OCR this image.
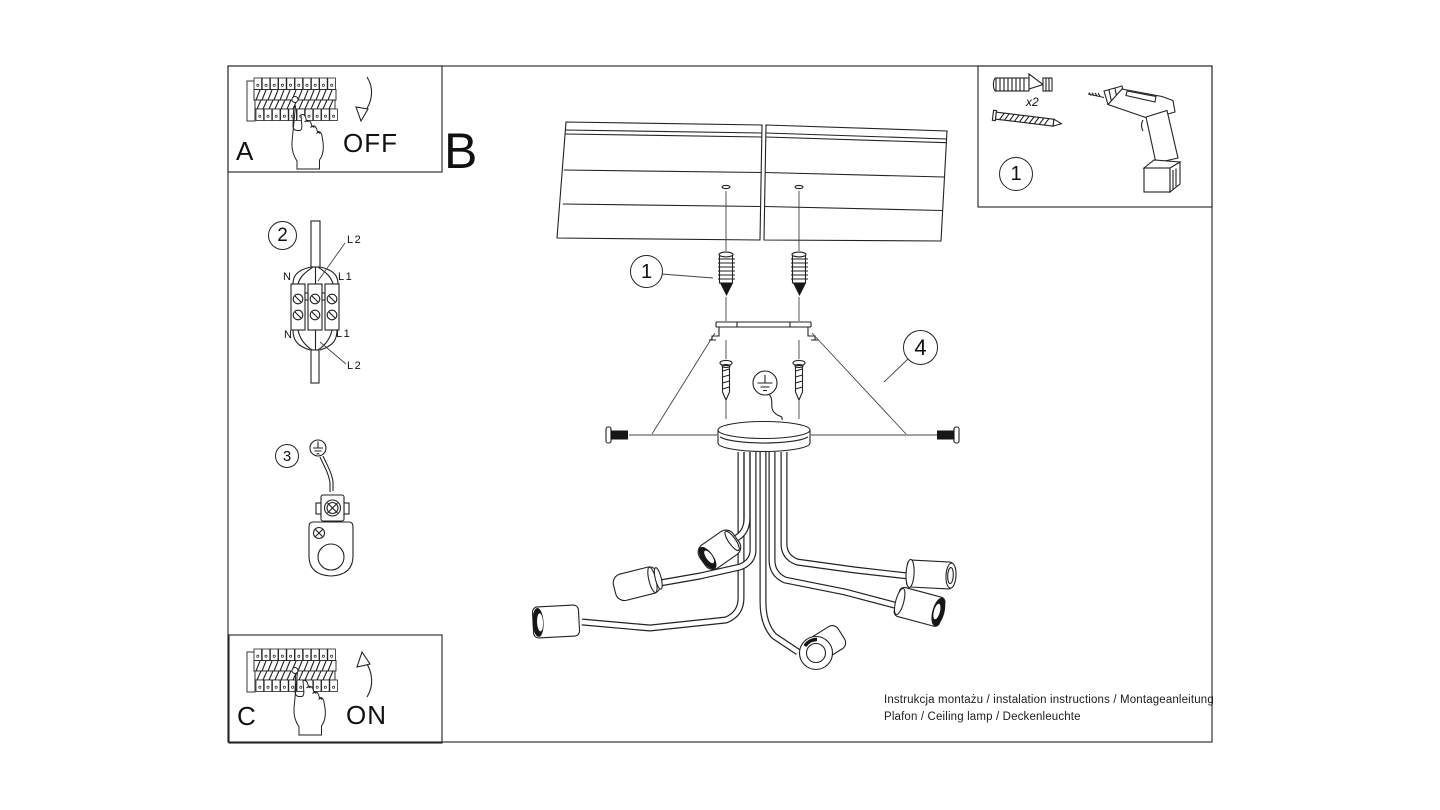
A	OFF B
C	ON
1
x2
1
2
3
4
N	L1
L2
N	L1
L2
Instrukcja montażu / instalation instructions / Montageanleitung
Plafon / Ceiling lamp / Deckenleuchte
